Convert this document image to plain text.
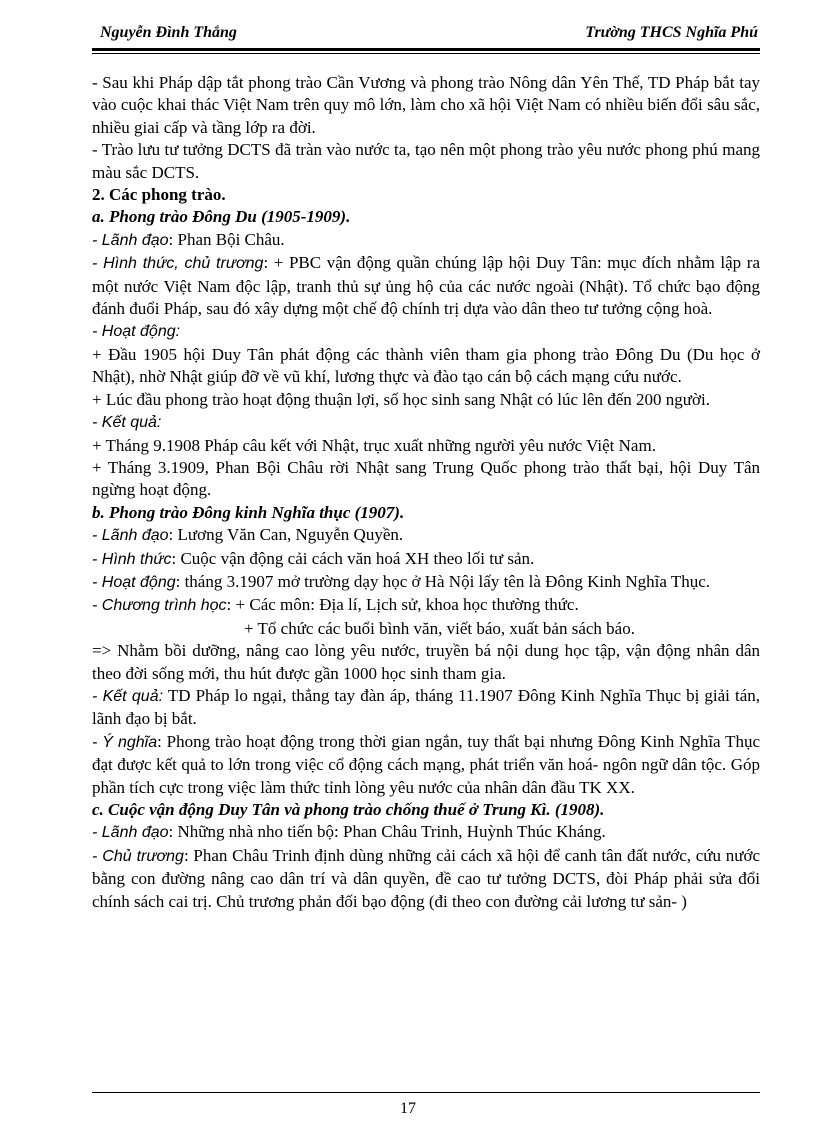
Nguyễn Đình Thắng	Trường THCS Nghĩa Phú

- Sau khi Pháp dập tắt phong trào Cần Vương và phong trào Nông dân Yên Thế, TD Pháp bắt tay vào cuộc khai thác Việt Nam trên quy mô lớn, làm cho xã hội Việt Nam có nhiều biến đổi sâu sắc, nhiều giai cấp và tầng lớp ra đời.

- Trào lưu tư tưởng DCTS đã tràn vào nước ta, tạo nên một phong trào yêu nước phong phú mang màu sắc DCTS.

2. Các phong trào.

a. Phong trào Đông Du (1905-1909).

- Lãnh đạo: Phan Bội Châu.

- Hình thức, chủ trương: + PBC vận động quần chúng lập hội Duy Tân: mục đích nhằm lập ra một nước Việt Nam độc lập, tranh thủ sự ủng hộ của các nước ngoài (Nhật). Tổ chức bạo động đánh đuổi Pháp, sau đó xây dựng một chế độ chính trị dựa vào dân theo tư tưởng cộng hoà.

- Hoạt động:

+ Đầu 1905 hội Duy Tân phát động các thành viên tham gia phong trào Đông Du (Du học ở Nhật), nhờ Nhật giúp đỡ về vũ khí, lương thực và đào tạo cán bộ cách mạng cứu nước.

+ Lúc đầu phong trào hoạt động thuận lợi, số học sinh sang Nhật có lúc lên đến 200 người.

- Kết quả:

+ Tháng 9.1908 Pháp câu kết với Nhật, trục xuất những người yêu nước Việt Nam.

+ Tháng 3.1909, Phan Bội Châu rời Nhật sang Trung Quốc phong trào thất bại, hội Duy Tân ngừng hoạt động.

b. Phong trào Đông kinh Nghĩa thục (1907).

- Lãnh đạo: Lương Văn Can, Nguyễn Quyền.

- Hình thức: Cuộc vận động cải cách văn hoá XH theo lối tư sản.

- Hoạt động: tháng 3.1907 mở trường dạy học ở Hà Nội lấy tên là Đông Kinh Nghĩa Thục.

- Chương trình học: + Các môn: Địa lí, Lịch sử, khoa học thường thức.

+ Tổ chức các buổi bình văn, viết báo, xuất bản sách báo.

=> Nhằm bồi dưỡng, nâng cao lòng yêu nước, truyền bá nội dung học tập, vận động nhân dân theo đời sống mới, thu hút được gần 1000 học sinh tham gia.

- Kết quả: TD Pháp lo ngại, thẳng tay đàn áp, tháng 11.1907 Đông Kinh Nghĩa Thục bị giải tán, lãnh đạo bị bắt.

- Ý nghĩa: Phong trào hoạt động trong thời gian ngắn, tuy thất bại nhưng Đông Kinh Nghĩa Thục đạt được kết quả to lớn trong việc cổ động cách mạng, phát triển văn hoá- ngôn ngữ dân tộc. Góp phần tích cực trong việc làm thức tỉnh lòng yêu nước của nhân dân đầu TK XX.

c. Cuộc vận động Duy Tân và phong trào chống thuế ở Trung Kì. (1908).

- Lãnh đạo: Những nhà nho tiến bộ: Phan Châu Trinh, Huỳnh Thúc Kháng.

- Chủ trương: Phan Châu Trinh định dùng những cải cách xã hội để canh tân đất nước, cứu nước bằng con đường nâng cao dân trí và dân quyền, đề cao tư tưởng DCTS, đòi Pháp phải sửa đổi chính sách cai trị. Chủ trương phản đối bạo động (đi theo con đường cải lương tư sản- )

17
